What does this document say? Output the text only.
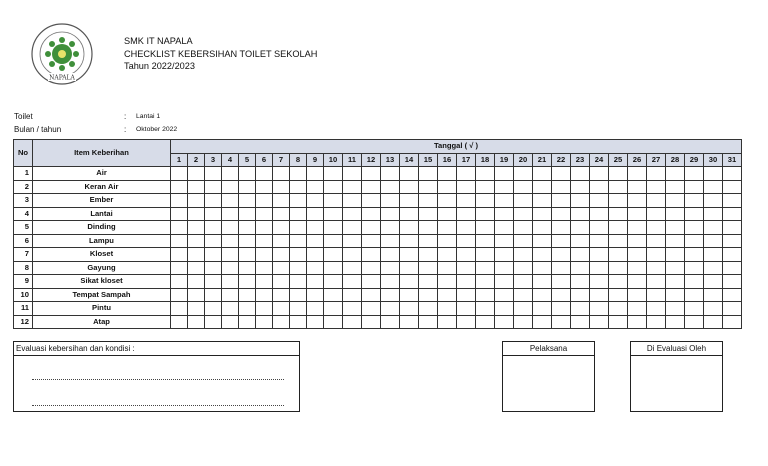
NAPALA
SMK IT NAPALA
CHECKLIST KEBERSIHAN TOILET SEKOLAH
Tahun 2022/2023
Toilet	: Lantai 1
Bulan / tahun	: Oktober 2022
No	Item Keberihan	Tanggal ( √ )																														
		1	2	3	4	5	6	7	8	9	10	11	12	13	14	15	16	17	18	19	20	21	22	23	24	25	26	27	28	29	30	31
1	Air																															
2	Keran Air																															
3	Ember																															
4	Lantai																															
5	Dinding																															
6	Lampu																															
7	Kloset																															
8	Gayung																															
9	Sikat kloset																															
10	Tempat Sampah																															
11	Pintu																															
12	Atap																															
Evaluasi kebersihan dan kondisi :	Pelaksana	Di Evaluasi Oleh
